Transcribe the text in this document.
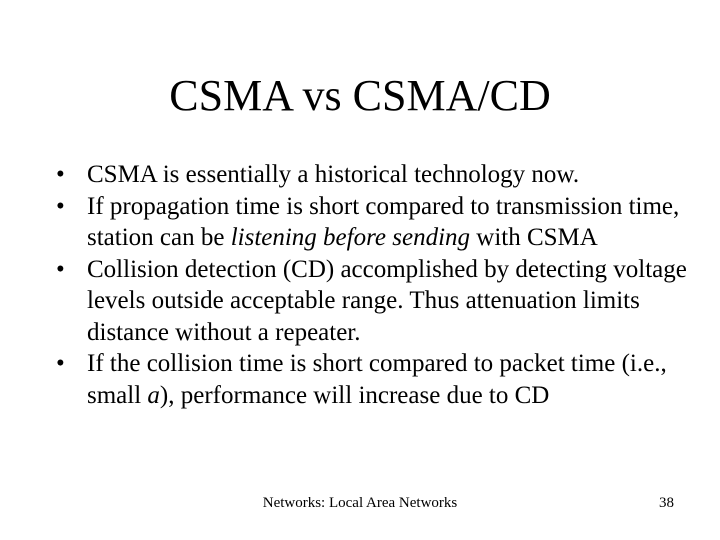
CSMA vs CSMA/CD
• CSMA is essentially a historical technology now.
• If propagation time is short compared to transmission time, station can be listening before sending with CSMA
• Collision detection (CD) accomplished by detecting voltage levels outside acceptable range. Thus attenuation limits distance without a repeater.
• If the collision time is short compared to packet time (i.e., small a), performance will increase due to CD
Networks: Local Area Networks	38
